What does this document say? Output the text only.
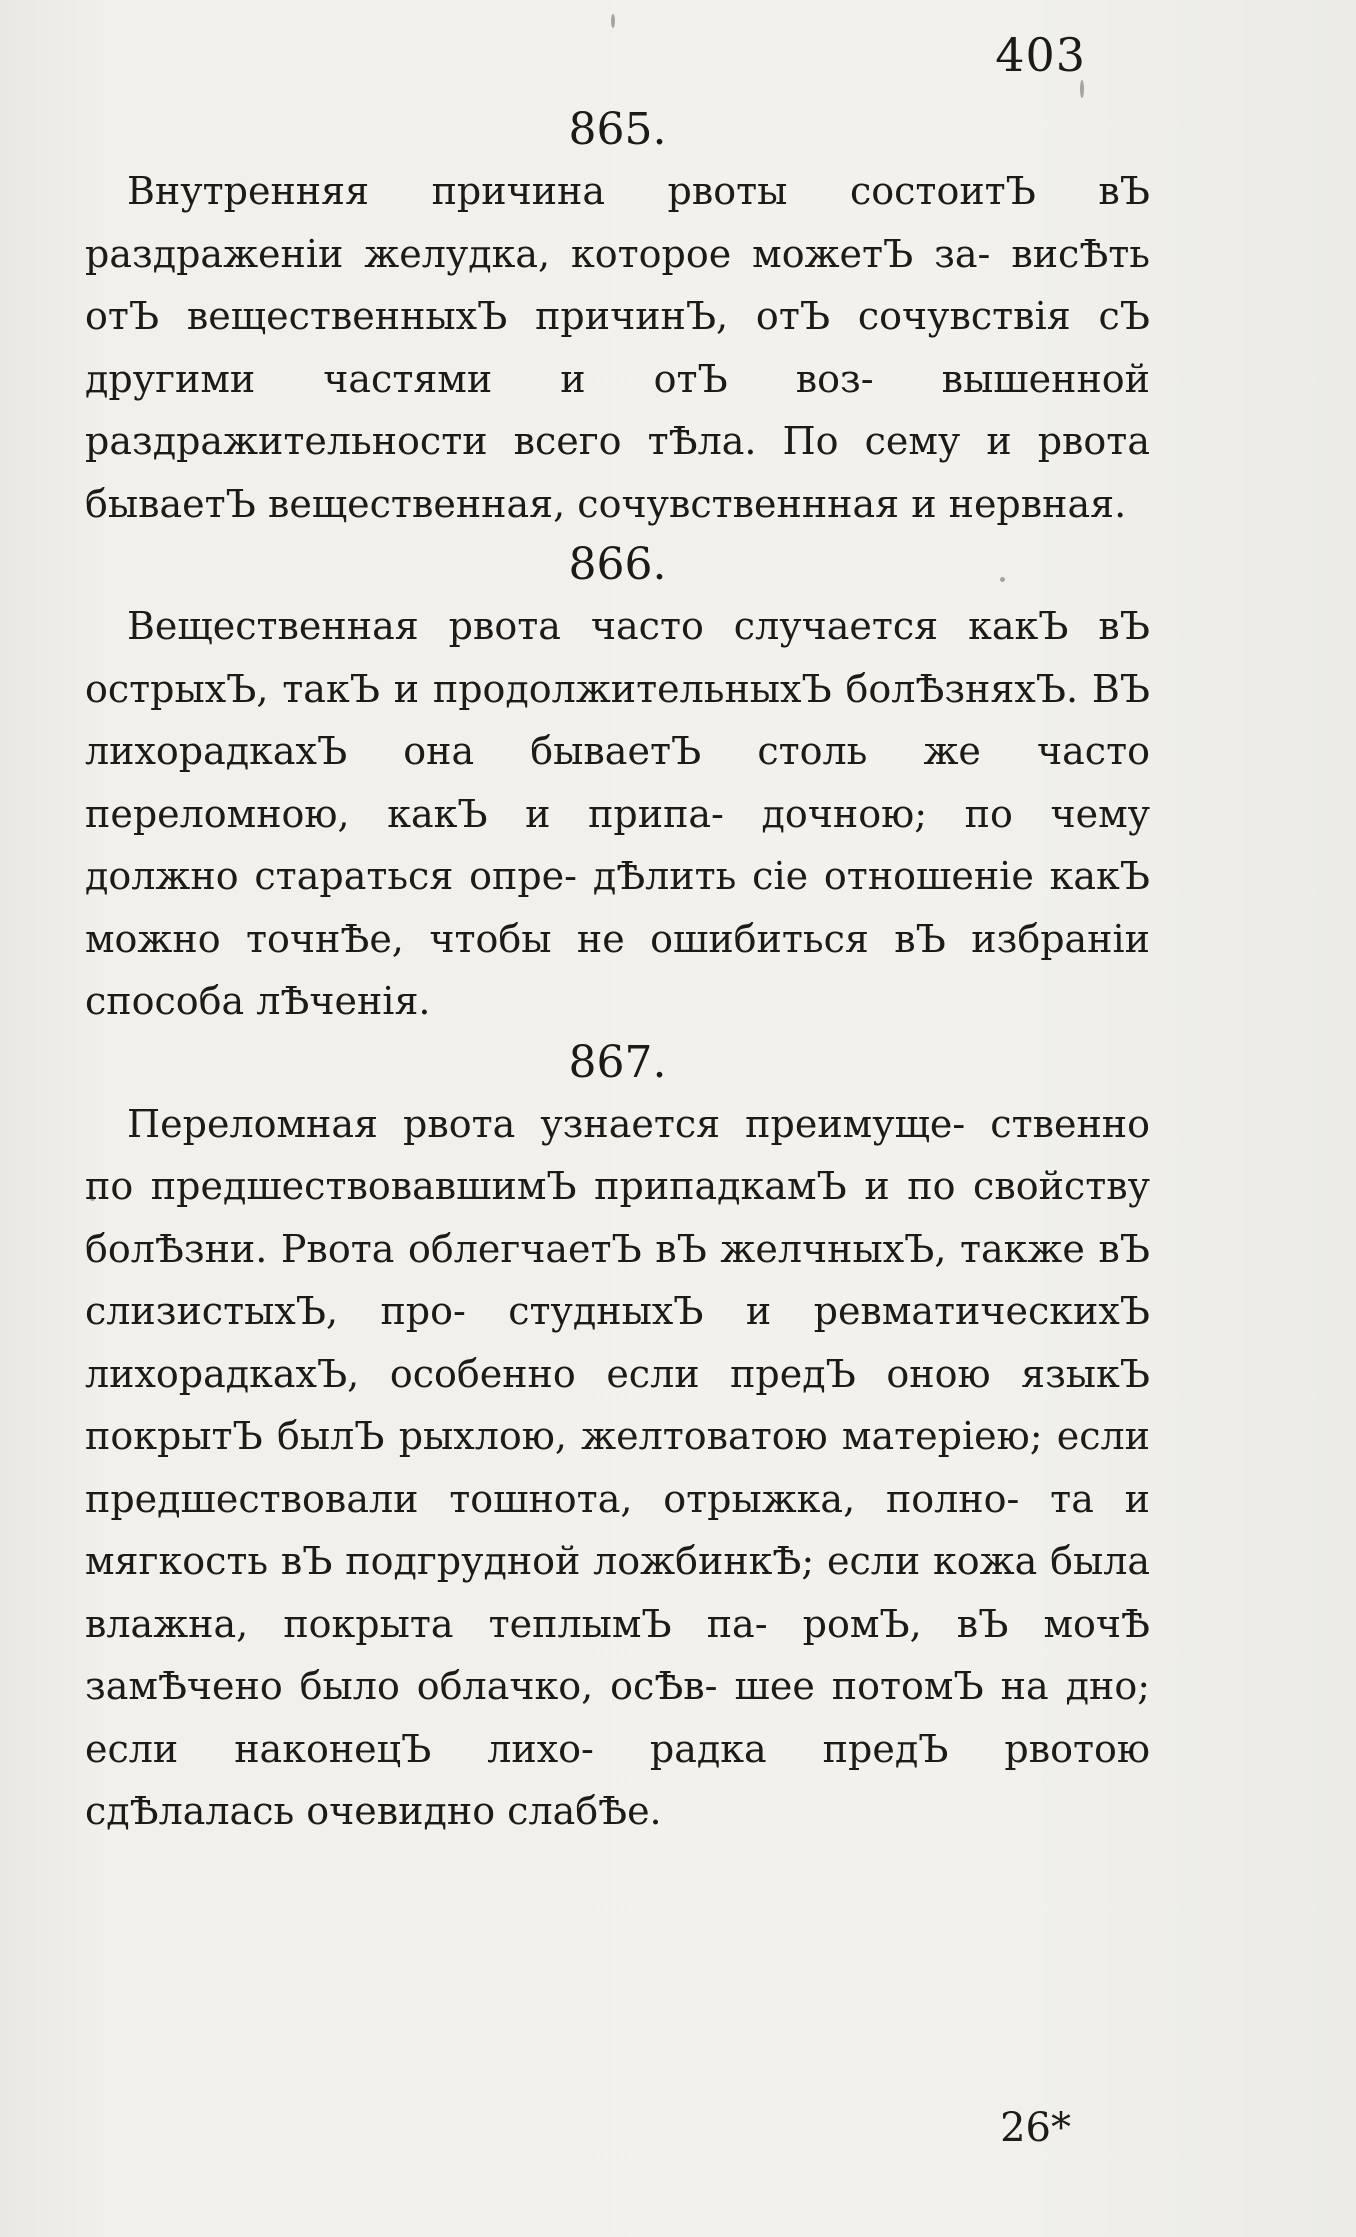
403
865.
Внутренняя причина рвоты состоитЪ вЪ раздраженіи желудка, которое можетЪ за- висѢть отЪ вещественныхЪ причинЪ, отЪ сочувствія сЪ другими частями и отЪ воз- вышенной раздражительности всего тѢла. По сему и рвота бываетЪ вещественная, сочувственнная и нервная.
866.
Вещественная рвота часто случается какЪ вЪ острыхЪ, такЪ и продолжительныхЪ болѢзняхЪ. ВЪ лихорадкахЪ она бываетЪ столь же часто переломною, какЪ и припа- дочною; по чему должно стараться опре- дѢлить сіе отношеніе какЪ можно точнѢе, чтобы не ошибиться вЪ избраніи способа лѢченія.
867.
Переломная рвота узнается преимуще- ственно по предшествовавшимЪ припадкамЪ и по свойству болѢзни. Рвота облегчаетЪ вЪ желчныхЪ, также вЪ слизистыхЪ, про- студныхЪ и ревматическихЪ лихорадкахЪ, особенно если предЪ оною языкЪ покрытЪ былЪ рыхлою, желтоватою матеріею; если предшествовали тошнота, отрыжка, полно- та и мягкость вЪ подгрудной ложбинкѢ; если кожа была влажна, покрыта теплымЪ па- ромЪ, вЪ мочѢ замѢчено было облачко, осѢв- шее потомЪ на дно; если наконецЪ лихо- радка предЪ рвотою сдѢлалась очевидно слабѢе.
26*
